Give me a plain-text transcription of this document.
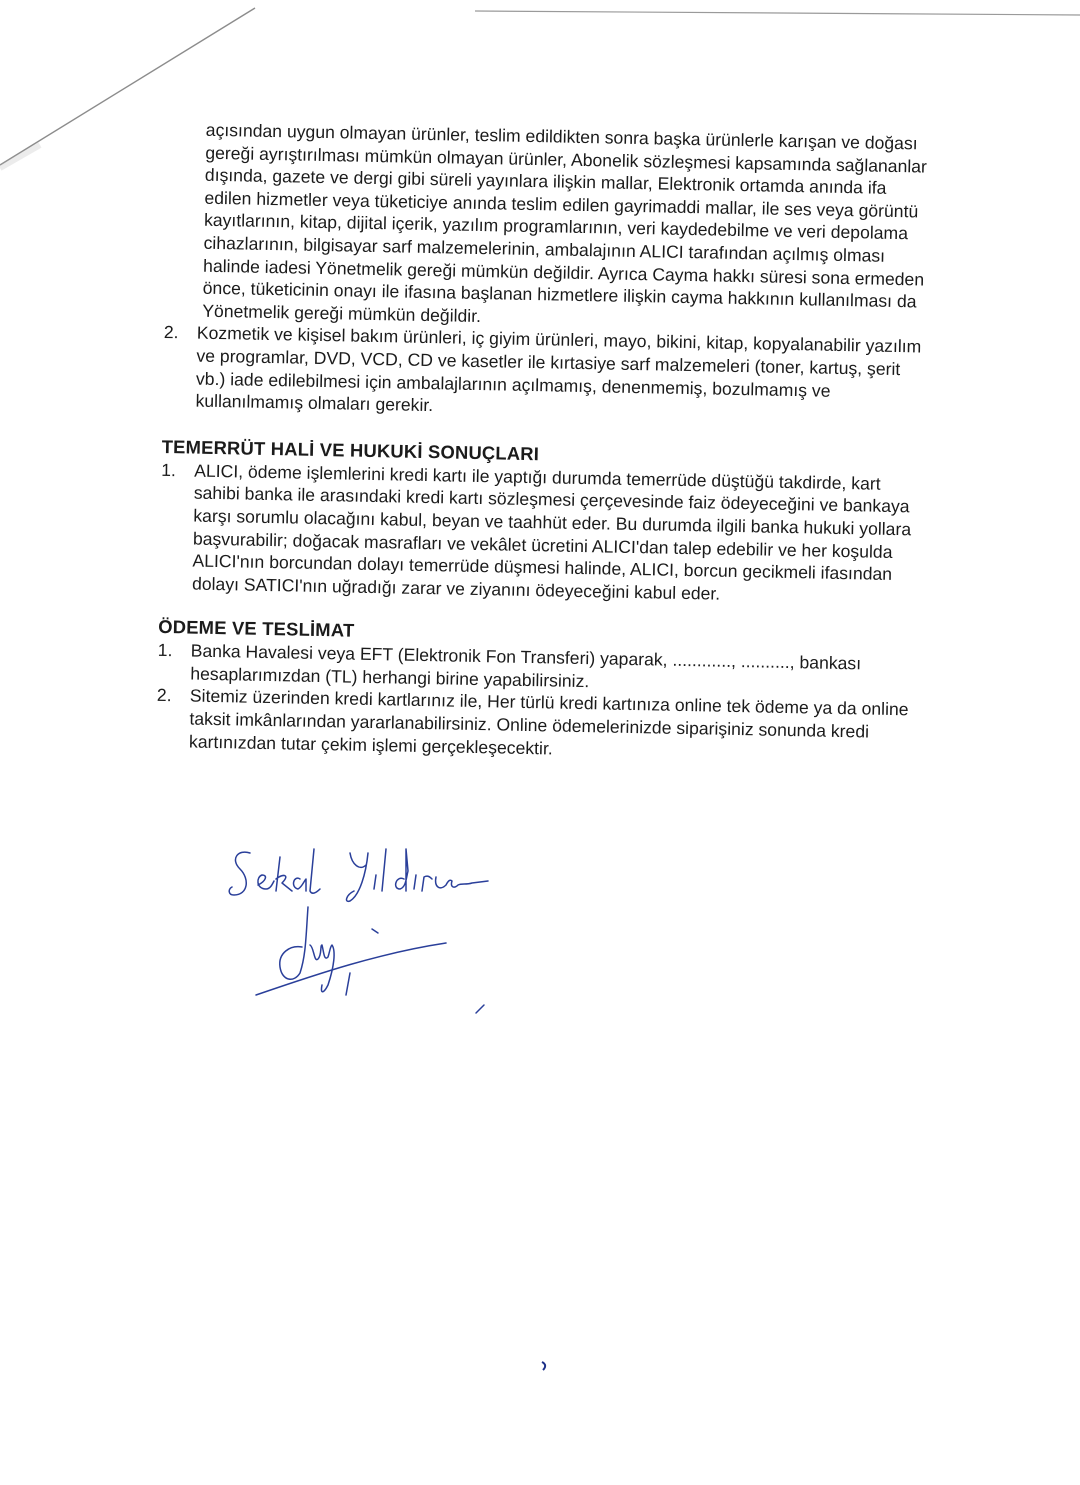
açısından uygun olmayan ürünler, teslim edildikten sonra başka ürünlerle karışan ve doğası gereği ayrıştırılması mümkün olmayan ürünler, Abonelik sözleşmesi kapsamında sağlananlar dışında, gazete ve dergi gibi süreli yayınlara ilişkin mallar, Elektronik ortamda anında ifa edilen hizmetler veya tüketiciye anında teslim edilen gayrimaddi mallar, ile ses veya görüntü kayıtlarının, kitap, dijital içerik, yazılım programlarının, veri kaydedebilme ve veri depolama cihazlarının, bilgisayar sarf malzemelerinin, ambalajının ALICI tarafından açılmış olması halinde iadesi Yönetmelik gereği mümkün değildir. Ayrıca Cayma hakkı süresi sona ermeden önce, tüketicinin onayı ile ifasına başlanan hizmetlere ilişkin cayma hakkının kullanılması da Yönetmelik gereği mümkün değildir.

2.	Kozmetik ve kişisel bakım ürünleri, iç giyim ürünleri, mayo, bikini, kitap, kopyalanabilir yazılım ve programlar, DVD, VCD, CD ve kasetler ile kırtasiye sarf malzemeleri (toner, kartuş, şerit vb.) iade edilebilmesi için ambalajlarının açılmamış, denenmemiş, bozulmamış ve kullanılmamış olmaları gerekir.
TEMERRÜT HALİ VE HUKUKİ SONUÇLARI
1.	ALICI, ödeme işlemlerini kredi kartı ile yaptığı durumda temerrüde düştüğü takdirde, kart sahibi banka ile arasındaki kredi kartı sözleşmesi çerçevesinde faiz ödeyeceğini ve bankaya karşı sorumlu olacağını kabul, beyan ve taahhüt eder. Bu durumda ilgili banka hukuki yollara başvurabilir; doğacak masrafları ve vekâlet ücretini ALICI'dan talep edebilir ve her koşulda ALICI'nın borcundan dolayı temerrüde düşmesi halinde, ALICI, borcun gecikmeli ifasından dolayı SATICI'nın uğradığı zarar ve ziyanını ödeyeceğini kabul eder.
ÖDEME VE TESLİMAT
1.	Banka Havalesi veya EFT (Elektronik Fon Transferi) yaparak, ............, .........., bankası hesaplarımızdan (TL) herhangi birine yapabilirsiniz.
2.	Sitemiz üzerinden kredi kartlarınız ile, Her türlü kredi kartınıza online tek ödeme ya da online taksit imkânlarından yararlanabilirsiniz. Online ödemelerinizde siparişiniz sonunda kredi kartınızdan tutar çekim işlemi gerçekleşecektir.
